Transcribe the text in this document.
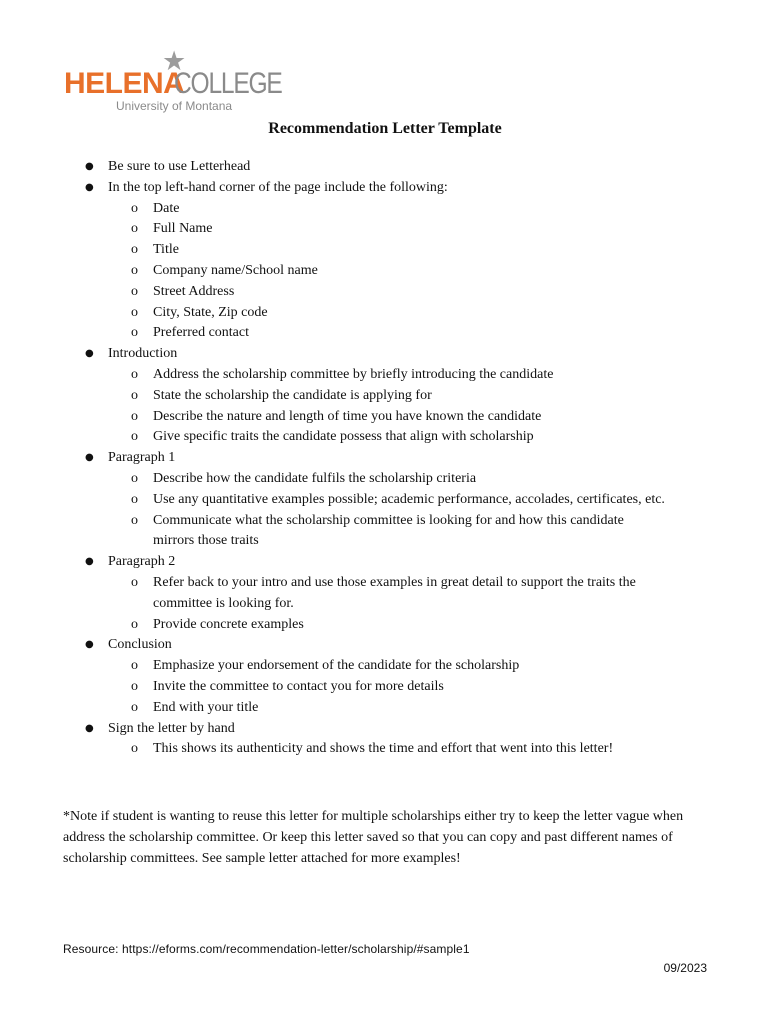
★
HELENA
COLLEGE
University of Montana
Recommendation Letter Template
● Be sure to use Letterhead
● In the top left-hand corner of the page include the following:
o Date
o Full Name
o Title
o Company name/School name
o Street Address
o City, State, Zip code
o Preferred contact
● Introduction
o Address the scholarship committee by briefly introducing the candidate
o State the scholarship the candidate is applying for
o Describe the nature and length of time you have known the candidate
o Give specific traits the candidate possess that align with scholarship
● Paragraph 1
o Describe how the candidate fulfils the scholarship criteria
o Use any quantitative examples possible; academic performance, accolades, certificates, etc.
o Communicate what the scholarship committee is looking for and how this candidate
mirrors those traits
● Paragraph 2
o Refer back to your intro and use those examples in great detail to support the traits the
committee is looking for.
o Provide concrete examples
● Conclusion
o Emphasize your endorsement of the candidate for the scholarship
o Invite the committee to contact you for more details
o End with your title
● Sign the letter by hand
o This shows its authenticity and shows the time and effort that went into this letter!
*Note if student is wanting to reuse this letter for multiple scholarships either try to keep the letter vague when address the scholarship committee. Or keep this letter saved so that you can copy and past different names of scholarship committees. See sample letter attached for more examples!
Resource: https://eforms.com/recommendation-letter/scholarship/#sample1
09/2023
